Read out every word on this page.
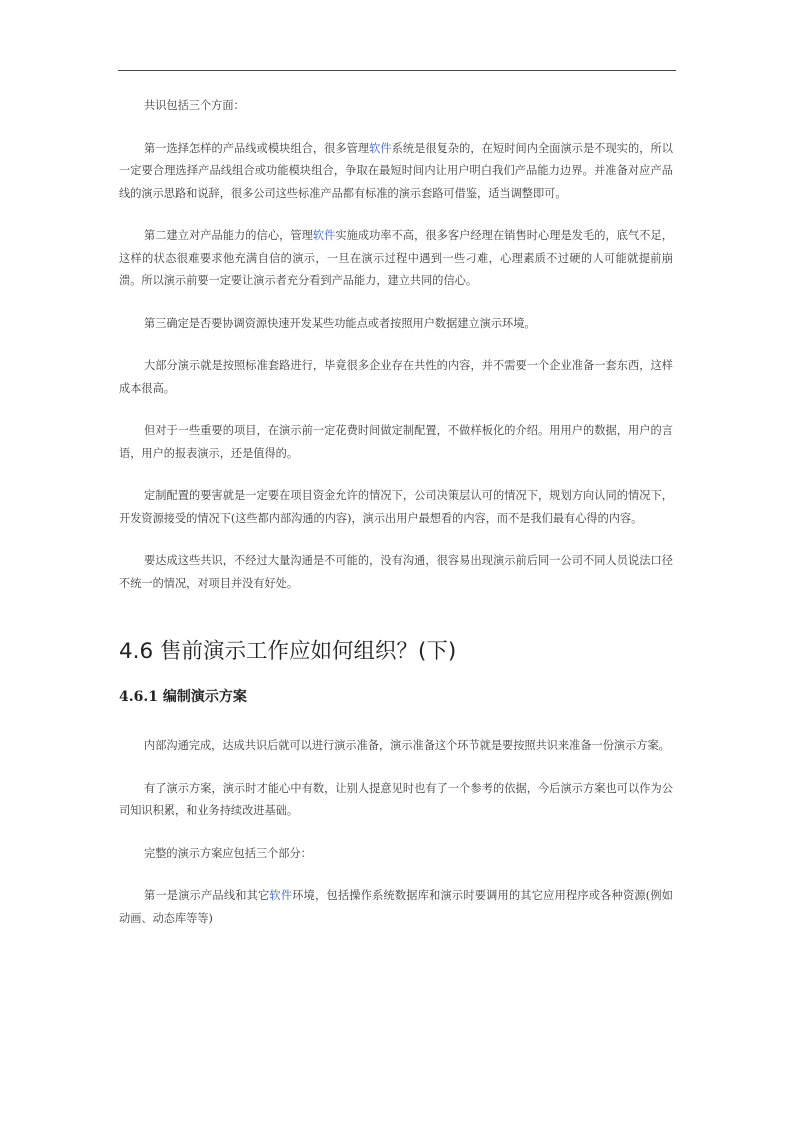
共识包括三个方面：

第一选择怎样的产品线或模块组合，很多管理软件系统是很复杂的，在短时间内全面演示是不现实的，所以一定要合理选择产品线组合或功能模块组合，争取在最短时间内让用户明白我们产品能力边界。并准备对应产品线的演示思路和说辞，很多公司这些标准产品都有标准的演示套路可借鉴，适当调整即可。

第二建立对产品能力的信心，管理软件实施成功率不高，很多客户经理在销售时心理是发毛的，底气不足，这样的状态很难要求他充满自信的演示，一旦在演示过程中遇到一些刁难，心理素质不过硬的人可能就提前崩溃。所以演示前要一定要让演示者充分看到产品能力，建立共同的信心。

第三确定是否要协调资源快速开发某些功能点或者按照用户数据建立演示环境。

大部分演示就是按照标准套路进行，毕竟很多企业存在共性的内容，并不需要一个企业准备一套东西，这样成本很高。

但对于一些重要的项目，在演示前一定花费时间做定制配置，不做样板化的介绍。用用户的数据，用户的言语，用户的报表演示，还是值得的。

定制配置的要害就是一定要在项目资金允许的情况下，公司决策层认可的情况下，规划方向认同的情况下，开发资源接受的情况下(这些都内部沟通的内容)，演示出用户最想看的内容，而不是我们最有心得的内容。

要达成这些共识，不经过大量沟通是不可能的，没有沟通，很容易出现演示前后同一公司不同人员说法口径不统一的情况，对项目并没有好处。

4.6 售前演示工作应如何组织？(下)
4.6.1 编制演示方案

内部沟通完成，达成共识后就可以进行演示准备，演示准备这个环节就是要按照共识来准备一份演示方案。

有了演示方案，演示时才能心中有数，让别人提意见时也有了一个参考的依据，今后演示方案也可以作为公司知识积累，和业务持续改进基础。

完整的演示方案应包括三个部分：

第一是演示产品线和其它软件环境，包括操作系统数据库和演示时要调用的其它应用程序或各种资源(例如动画、动态库等等)
